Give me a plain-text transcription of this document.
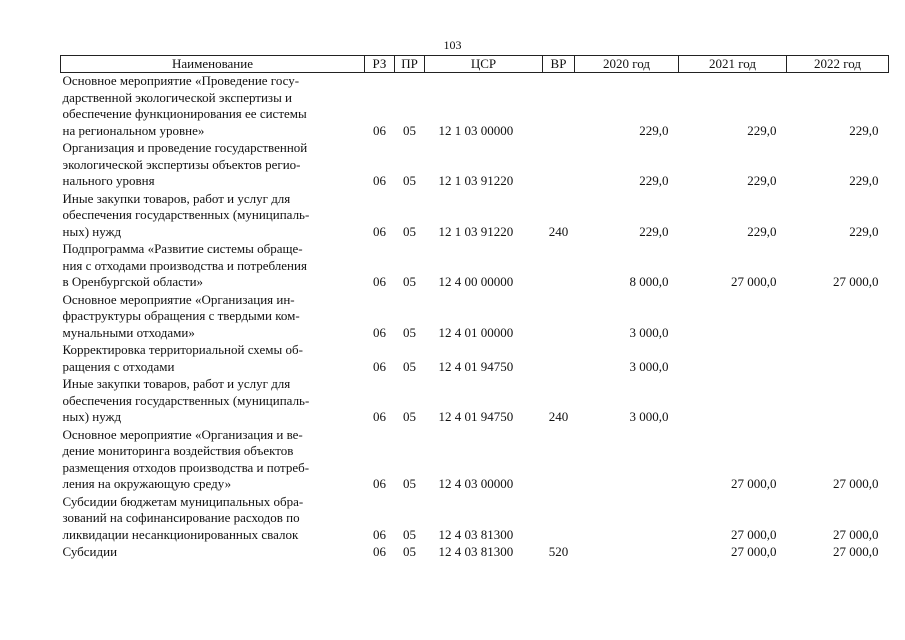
103
Наименование	РЗ	ПР	ЦСР	ВР	2020 год	2021 год	2022 год

Основное мероприятие «Проведение госу-
дарственной экологической экспертизы и
обеспечение функционирования ее системы
на региональном уровне»	06	05	12 1 03 00000		229,0	229,0	229,0

Организация и проведение государственной
экологической экспертизы объектов регио-
нального уровня	06	05	12 1 03 91220		229,0	229,0	229,0

Иные закупки товаров, работ и услуг для
обеспечения государственных (муниципаль-
ных) нужд	06	05	12 1 03 91220	240	229,0	229,0	229,0

Подпрограмма «Развитие системы обраще-
ния с отходами производства и потребления
в Оренбургской области»	06	05	12 4 00 00000		8 000,0	27 000,0	27 000,0

Основное мероприятие «Организация ин-
фраструктуры обращения с твердыми ком-
мунальными отходами»	06	05	12 4 01 00000		3 000,0		

Корректировка территориальной схемы об-
ращения с отходами	06	05	12 4 01 94750		3 000,0		

Иные закупки товаров, работ и услуг для
обеспечения государственных (муниципаль-
ных) нужд	06	05	12 4 01 94750	240	3 000,0		

Основное мероприятие «Организация и ве-
дение мониторинга воздействия объектов
размещения отходов производства и потреб-
ления на окружающую среду»	06	05	12 4 03 00000			27 000,0	27 000,0

Субсидии бюджетам муниципальных обра-
зований на софинансирование расходов по
ликвидации несанкционированных свалок	06	05	12 4 03 81300			27 000,0	27 000,0

Субсидии	06	05	12 4 03 81300	520		27 000,0	27 000,0
